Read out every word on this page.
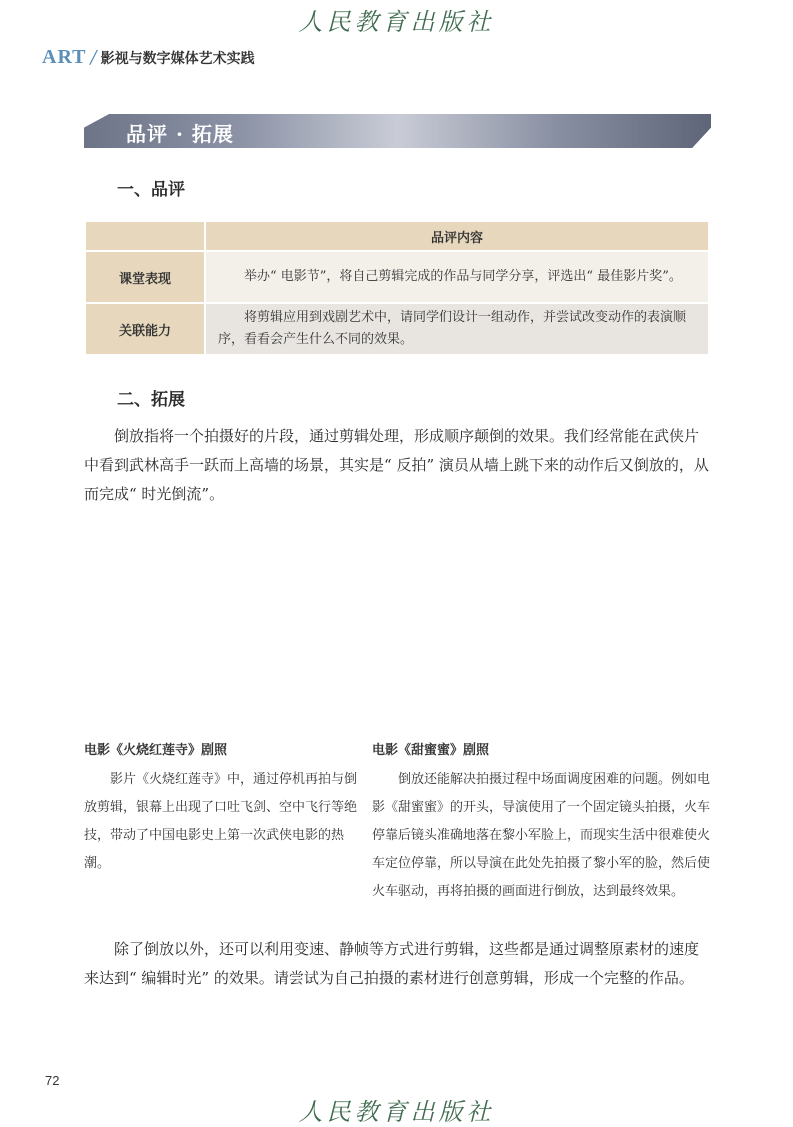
人民教育出版社
ART / 影视与数字媒体艺术实践
品评 · 拓展
一、品评
	品评内容
课堂表现	举办“ 电影节”，将自己剪辑完成的作品与同学分享，评选出“ 最佳影片奖”。
关联能力	将剪辑应用到戏剧艺术中，请同学们设计一组动作，并尝试改变动作的表演顺序，看看会产生什么不同的效果。
二、拓展
倒放指将一个拍摄好的片段，通过剪辑处理，形成顺序颠倒的效果。我们经常能在武侠片中看到武林高手一跃而上高墙的场景，其实是“ 反拍” 演员从墙上跳下来的动作后又倒放的，从而完成“ 时光倒流”。
电影《火烧红莲寺》剧照	电影《甜蜜蜜》剧照
影片《火烧红莲寺》中，通过停机再拍与倒放剪辑，银幕上出现了口吐飞剑、空中飞行等绝技，带动了中国电影史上第一次武侠电影的热潮。
倒放还能解决拍摄过程中场面调度困难的问题。例如电影《甜蜜蜜》的开头，导演使用了一个固定镜头拍摄，火车停靠后镜头准确地落在黎小军脸上，而现实生活中很难使火车定位停靠，所以导演在此处先拍摄了黎小军的脸，然后使火车驱动，再将拍摄的画面进行倒放，达到最终效果。
除了倒放以外，还可以利用变速、静帧等方式进行剪辑，这些都是通过调整原素材的速度来达到“ 编辑时光” 的效果。请尝试为自己拍摄的素材进行创意剪辑，形成一个完整的作品。
72
人民教育出版社
